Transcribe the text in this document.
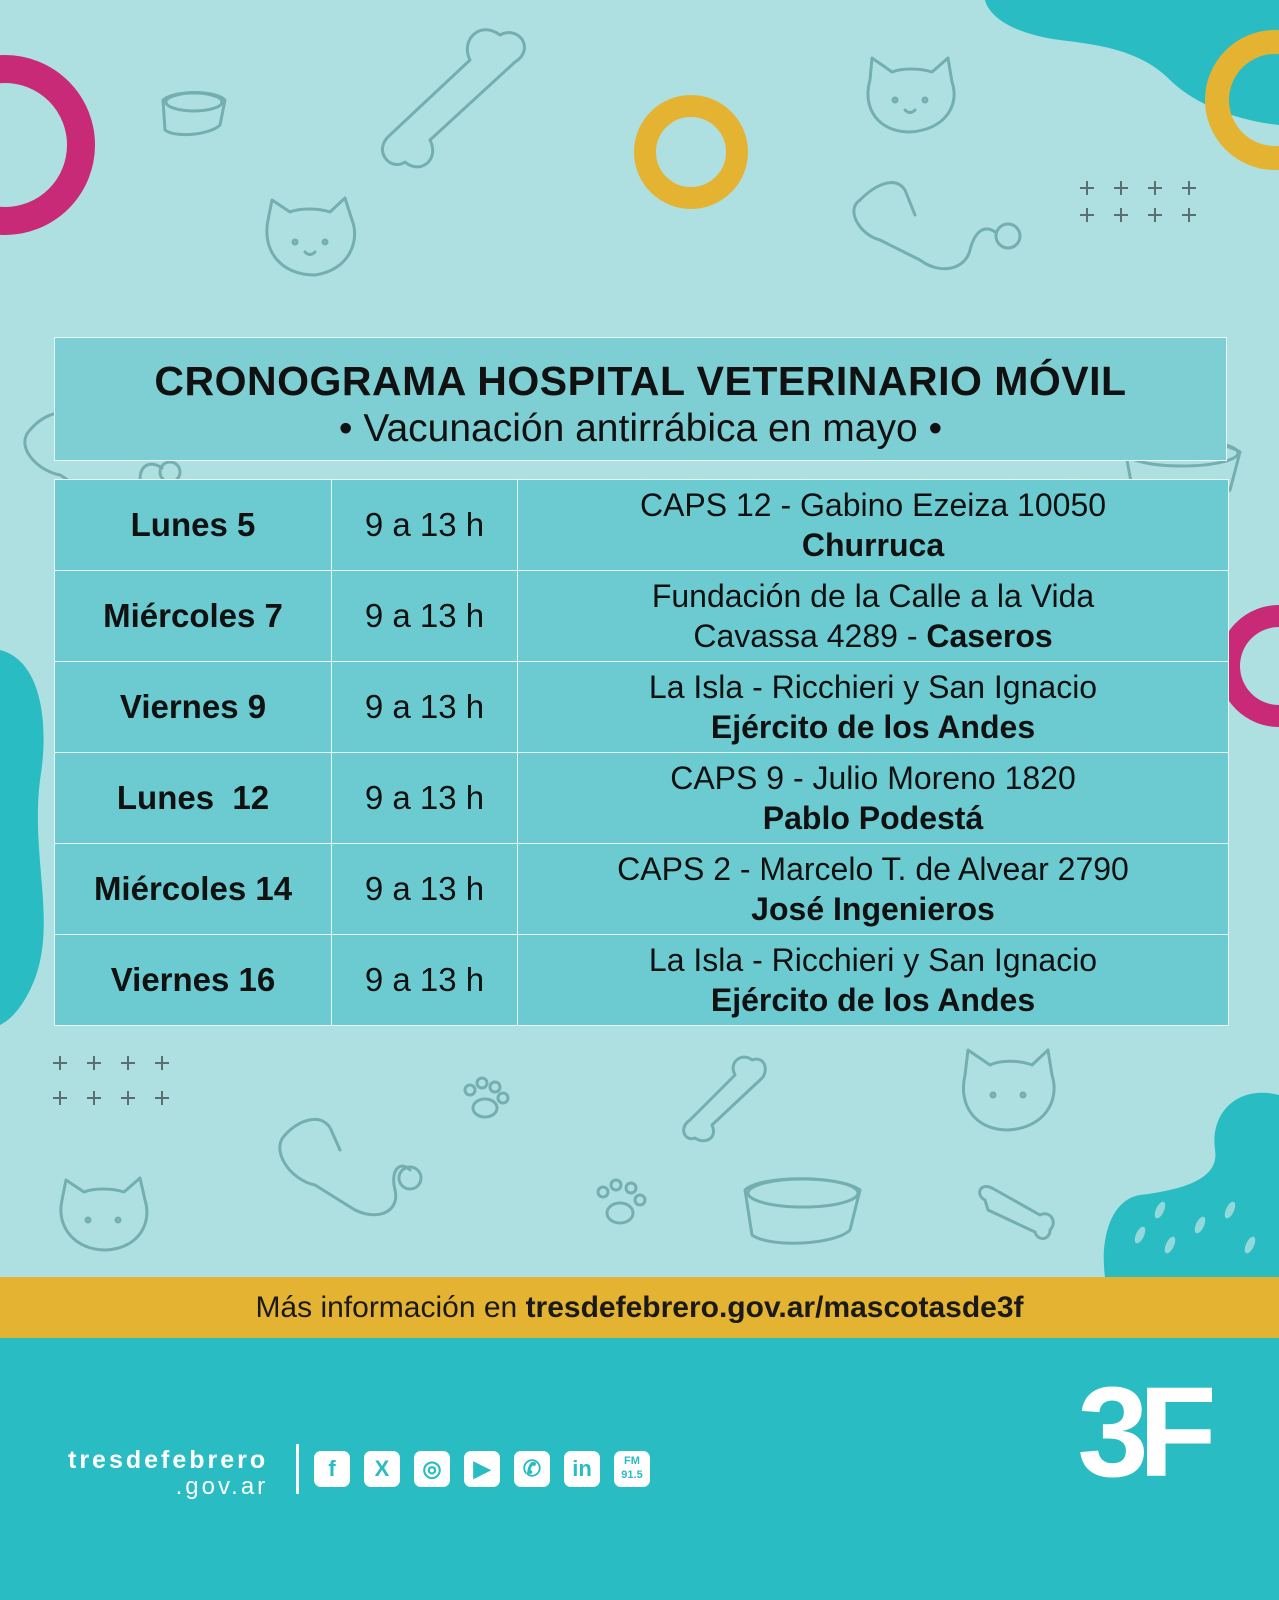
CRONOGRAMA HOSPITAL VETERINARIO MÓVIL
• Vacunación antirrábica en mayo •
Lunes 5	9 a 13 h	CAPS 12 - Gabino Ezeiza 10050
Churruca

Miércoles 7	9 a 13 h	Fundación de la Calle a la Vida
Cavassa 4289 - Caseros

Viernes 9	9 a 13 h	La Isla - Ricchieri y San Ignacio
Ejército de los Andes

Lunes  12	9 a 13 h	CAPS 9 - Julio Moreno 1820
Pablo Podestá

Miércoles 14	9 a 13 h	CAPS 2 - Marcelo T. de Alvear 2790
José Ingenieros

Viernes 16	9 a 13 h	La Isla - Ricchieri y San Ignacio
Ejército de los Andes
Más información en tresdefebrero.gov.ar/mascotasde3f
tresdefebrero
.gov.ar
f	X	◎	▶	✆	in	FM 91.5	3F
